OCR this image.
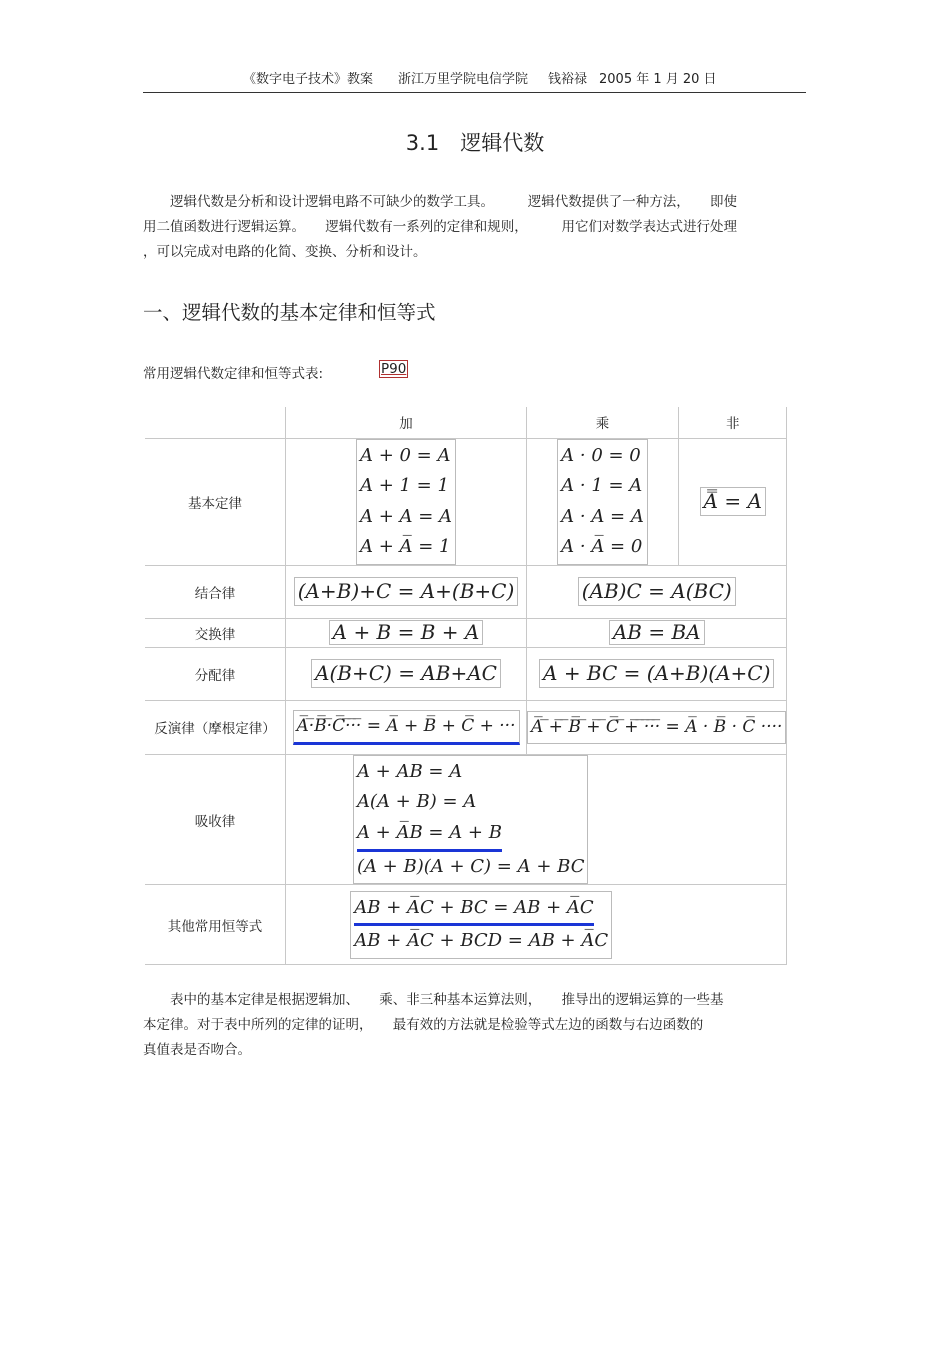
《数字电子技术》教案 浙江万里学院电信学院 钱裕禄 2005 年 1 月 20 日
3.1　逻辑代数
　　逻辑代数是分析和设计逻辑电路不可缺少的数学工具。　　　逻辑代数提供了一种方法，　　即使
用二值函数进行逻辑运算。　　逻辑代数有一系列的定律和规则，　　　用它们对数学表达式进行处理
，可以完成对电路的化简、变换、分析和设计。
一、逻辑代数的基本定律和恒等式
常用逻辑代数定律和恒等式表:	P90
	加	乘	非
基本定律	A + 0 = A
A + 1 = 1
A + A = A
A + A̅ = 1	A · 0 = 0
A · 1 = A
A · A = A
A · A̅ = 0	A̿ = A
结合律	(A+B)+C = A+(B+C)	(AB)C = A(BC)	
交换律	A + B = B + A	AB = BA	
分配律	A(B+C) = AB+AC	A + BC = (A+B)(A+C)	
反演律（摩根定律）	A̅·̅B̅·̅C̅·̅·̅·̅ = A̅ + B̅ + C̅ + ···	A̅ ̅+̅ ̅B̅ ̅+̅ ̅C̅ ̅+̅ ̅·̅·̅·̅ = A̅ · B̅ · C̅ ····	
吸收律	A + AB = A
A(A + B) = A
A + A̅B = A + B
(A + B)(A + C) = A + BC		

其他常用恒等式	AB + A̅C + BC = AB + A̅C
AB + A̅C + BCD = AB + A̅C		
　　表中的基本定律是根据逻辑加、　　乘、非三种基本运算法则，　　推导出的逻辑运算的一些基
本定律。对于表中所列的定律的证明，　　最有效的方法就是检验等式左边的函数与右边函数的
真值表是否吻合。
